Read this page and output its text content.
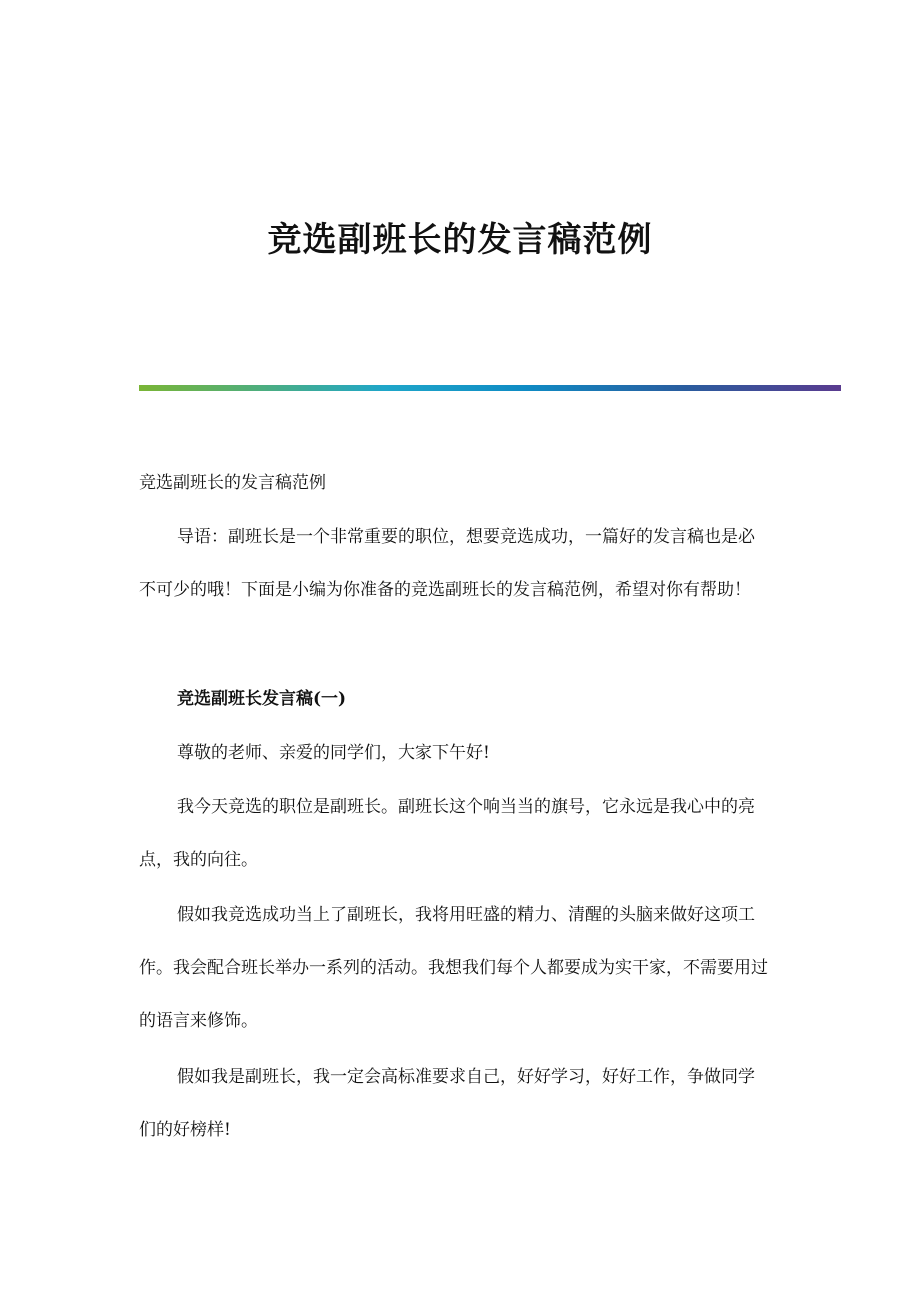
竞选副班长的发言稿范例

竞选副班长的发言稿范例

导语：副班长是一个非常重要的职位，想要竞选成功，一篇好的发言稿也是必不可少的哦！下面是小编为你准备的竞选副班长的发言稿范例，希望对你有帮助！

竞选副班长发言稿(一)

尊敬的老师、亲爱的同学们，大家下午好!

我今天竞选的职位是副班长。副班长这个响当当的旗号，它永远是我心中的亮点，我的向往。

假如我竞选成功当上了副班长，我将用旺盛的精力、清醒的头脑来做好这项工作。我会配合班长举办一系列的活动。我想我们每个人都要成为实干家，不需要用过的语言来修饰。

假如我是副班长，我一定会高标准要求自己，好好学习，好好工作，争做同学们的好榜样!
